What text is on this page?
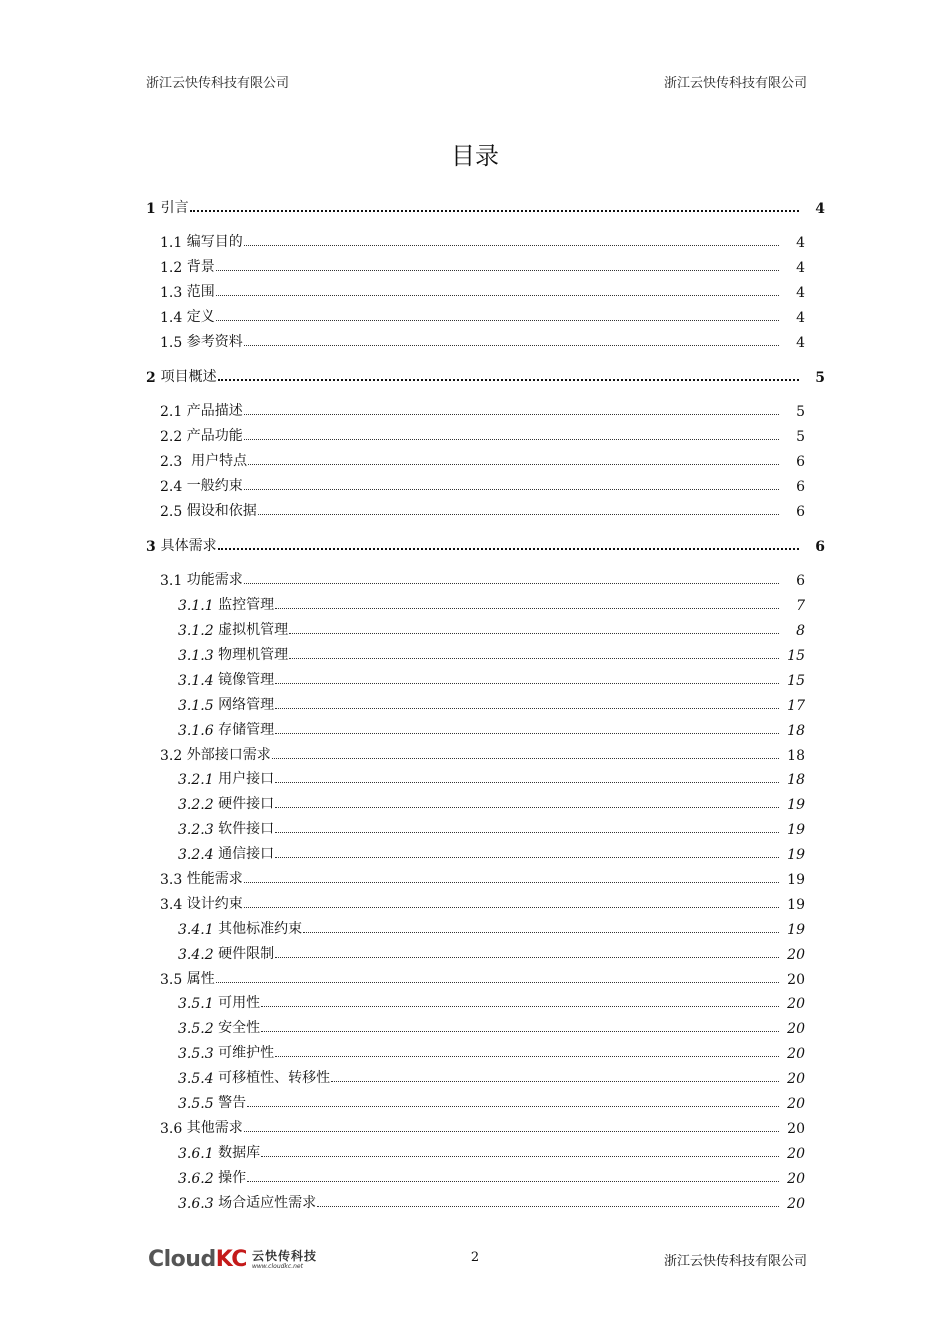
浙江云快传科技有限公司	浙江云快传科技有限公司
目录
1 引言	4
1.1 编写目的	4
1.2 背景	4
1.3 范围	4
1.4 定义	4
1.5 参考资料	4
2 项目概述	5
2.1 产品描述	5
2.2 产品功能	5
2.3 用户特点	6
2.4 一般约束	6
2.5 假设和依据	6
3 具体需求	6
3.1 功能需求	6
3.1.1 监控管理	7
3.1.2 虚拟机管理	8
3.1.3 物理机管理	15
3.1.4 镜像管理	15
3.1.5 网络管理	17
3.1.6 存储管理	18
3.2 外部接口需求	18
3.2.1 用户接口	18
3.2.2 硬件接口	19
3.2.3 软件接口	19
3.2.4 通信接口	19
3.3 性能需求	19
3.4 设计约束	19
3.4.1 其他标准约束	19
3.4.2 硬件限制	20
3.5 属性	20
3.5.1 可用性	20
3.5.2 安全性	20
3.5.3 可维护性	20
3.5.4 可移植性、转移性	20
3.5.5 警告	20
3.6 其他需求	20
3.6.1 数据库	20
3.6.2 操作	20
3.6.3 场合适应性需求	20
CloudKC 云快传科技
www.cloudkc.net
2	浙江云快传科技有限公司
